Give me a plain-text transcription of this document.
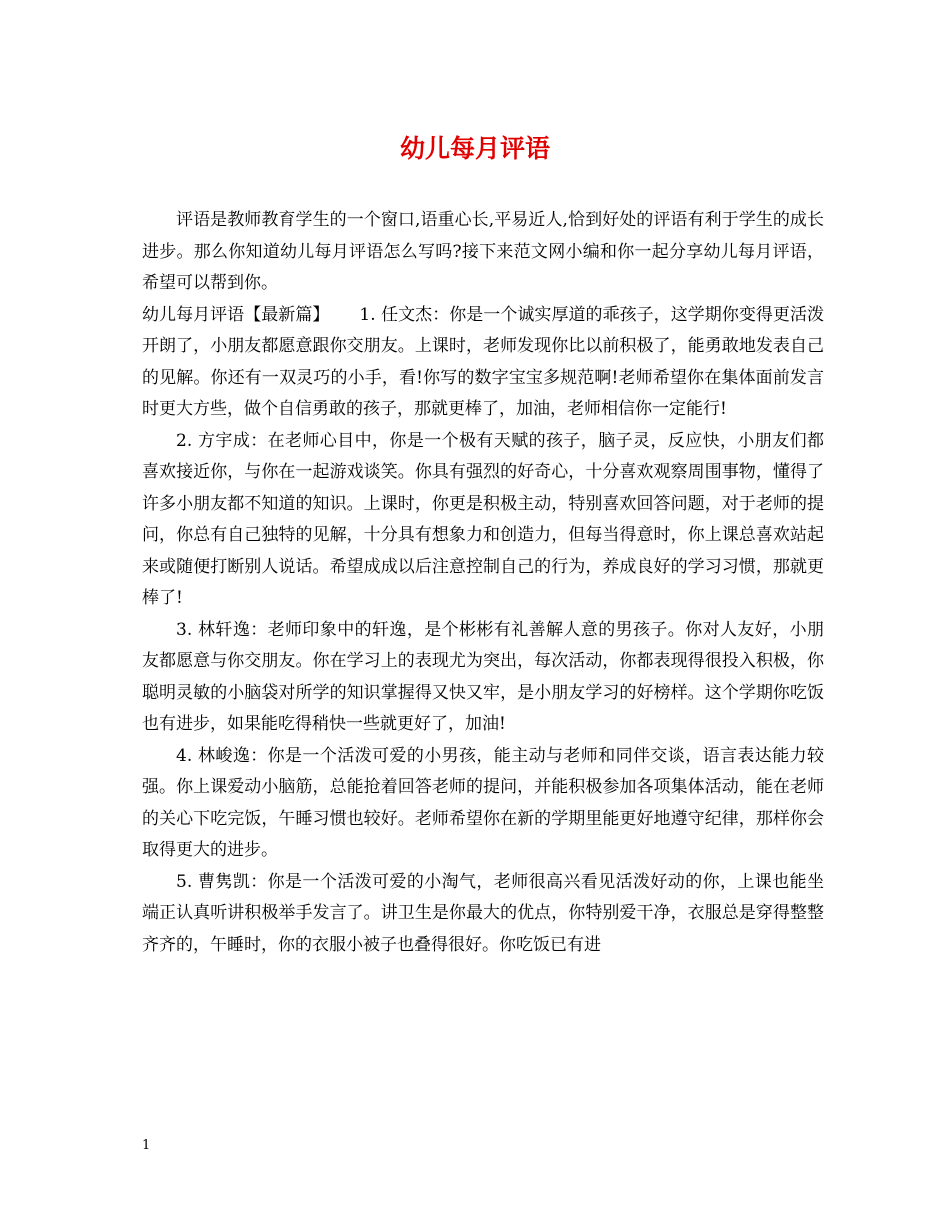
幼儿每月评语

评语是教师教育学生的一个窗口,语重心长,平易近人,恰到好处的评语有利于学生的成长进步。那么你知道幼儿每月评语怎么写吗?接下来范文网小编和你一起分享幼儿每月评语，希望可以帮到你。

幼儿每月评语【最新篇】 1. 任文杰：你是一个诚实厚道的乖孩子，这学期你变得更活泼开朗了，小朋友都愿意跟你交朋友。上课时，老师发现你比以前积极了，能勇敢地发表自己的见解。你还有一双灵巧的小手，看!你写的数字宝宝多规范啊!老师希望你在集体面前发言时更大方些，做个自信勇敢的孩子，那就更棒了，加油，老师相信你一定能行!

2. 方宇成：在老师心目中，你是一个极有天赋的孩子，脑子灵，反应快，小朋友们都喜欢接近你，与你在一起游戏谈笑。你具有强烈的好奇心，十分喜欢观察周围事物，懂得了许多小朋友都不知道的知识。上课时，你更是积极主动，特别喜欢回答问题，对于老师的提问，你总有自己独特的见解，十分具有想象力和创造力，但每当得意时，你上课总喜欢站起来或随便打断别人说话。希望成成以后注意控制自己的行为，养成良好的学习习惯，那就更棒了!

3. 林轩逸：老师印象中的轩逸，是个彬彬有礼善解人意的男孩子。你对人友好，小朋友都愿意与你交朋友。你在学习上的表现尤为突出，每次活动，你都表现得很投入积极，你聪明灵敏的小脑袋对所学的知识掌握得又快又牢，是小朋友学习的好榜样。这个学期你吃饭也有进步，如果能吃得稍快一些就更好了，加油!

4. 林峻逸：你是一个活泼可爱的小男孩，能主动与老师和同伴交谈，语言表达能力较强。你上课爱动小脑筋，总能抢着回答老师的提问，并能积极参加各项集体活动，能在老师的关心下吃完饭，午睡习惯也较好。老师希望你在新的学期里能更好地遵守纪律，那样你会取得更大的进步。

5. 曹隽凯：你是一个活泼可爱的小淘气，老师很高兴看见活泼好动的你，上课也能坐端正认真听讲积极举手发言了。讲卫生是你最大的优点，你特别爱干净，衣服总是穿得整整齐齐的，午睡时，你的衣服小被子也叠得很好。你吃饭已有进

1
